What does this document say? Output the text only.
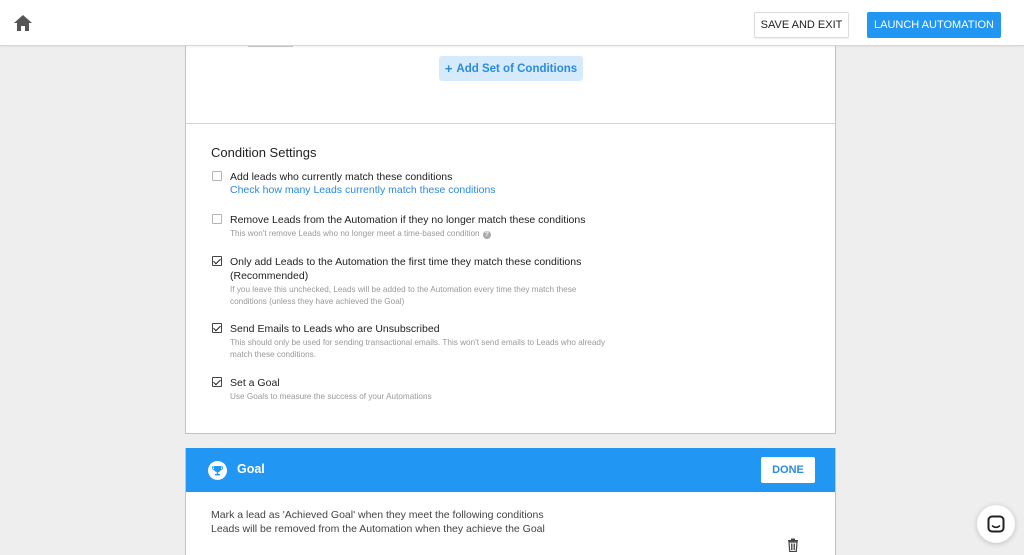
SAVE AND EXIT	LAUNCH AUTOMATION
+ Add Set of Conditions
Condition Settings
Add leads who currently match these conditions
Check how many Leads currently match these conditions
Remove Leads from the Automation if they no longer match these conditions
This won't remove Leads who no longer meet a time-based condition ?
Only add Leads to the Automation the first time they match these conditions (Recommended)
If you leave this unchecked, Leads will be added to the Automation every time they match these conditions (unless they have achieved the Goal)
Send Emails to Leads who are Unsubscribed
This should only be used for sending transactional emails. This won't send emails to Leads who already match these conditions.
Set a Goal
Use Goals to measure the success of your Automations
Goal	DONE
Mark a lead as 'Achieved Goal' when they meet the following conditions
Leads will be removed from the Automation when they achieve the Goal
